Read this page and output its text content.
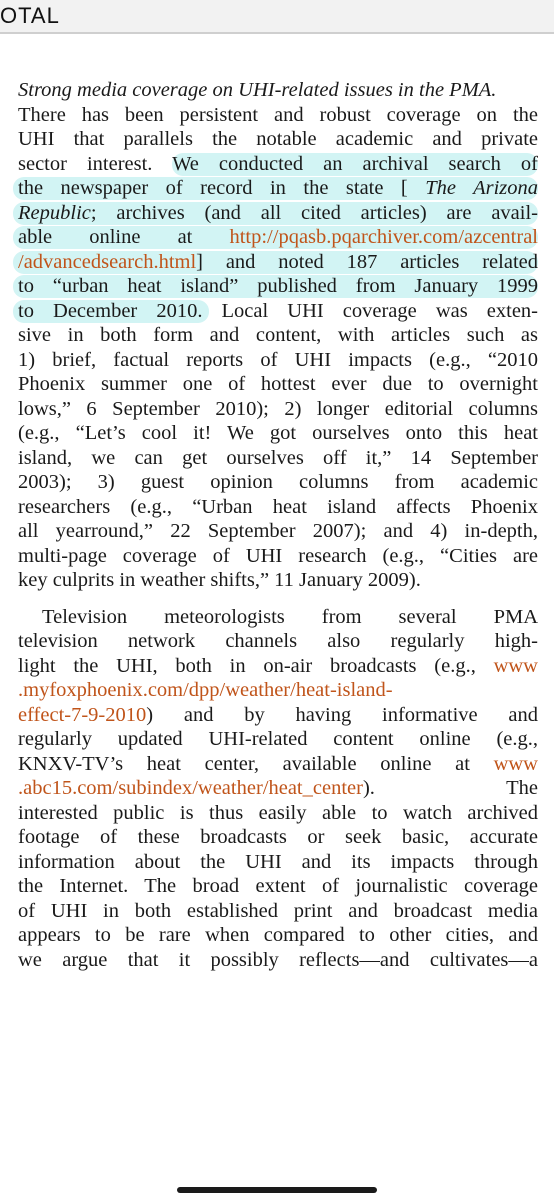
OTAL
Strong media coverage on UHI-related issues in the PMA.
There has been persistent and robust coverage on the
UHI that parallels the notable academic and private
sector interest. We conducted an archival search of
the newspaper of record in the state [ The Arizona
Republic; archives (and all cited articles) are avail-
able online at http://pqasb.pqarchiver.com/azcentral
/advancedsearch.html] and noted 187 articles related
to “urban heat island” published from January 1999
to December 2010. Local UHI coverage was exten-
sive in both form and content, with articles such as
1) brief, factual reports of UHI impacts (e.g., “2010
Phoenix summer one of hottest ever due to overnight
lows,” 6 September 2010); 2) longer editorial columns
(e.g., “Let’s cool it! We got ourselves onto this heat
island, we can get ourselves off it,” 14 September
2003); 3) guest opinion columns from academic
researchers (e.g., “Urban heat island affects Phoenix
all yearround,” 22 September 2007); and 4) in-depth,
multi-page coverage of UHI research (e.g., “Cities are
key culprits in weather shifts,” 11 January 2009).
Television meteorologists from several PMA
television network channels also regularly high-
light the UHI, both in on-air broadcasts (e.g., www
.myfoxphoenix.com/dpp/weather/heat-island-
effect-7-9-2010) and by having informative and
regularly updated UHI-related content online (e.g.,
KNXV-TV’s heat center, available online at www
.abc15.com/subindex/weather/heat_center). The
interested public is thus easily able to watch archived
footage of these broadcasts or seek basic, accurate
information about the UHI and its impacts through
the Internet. The broad extent of journalistic coverage
of UHI in both established print and broadcast media
appears to be rare when compared to other cities, and
we argue that it possibly reflects—and cultivates—a
